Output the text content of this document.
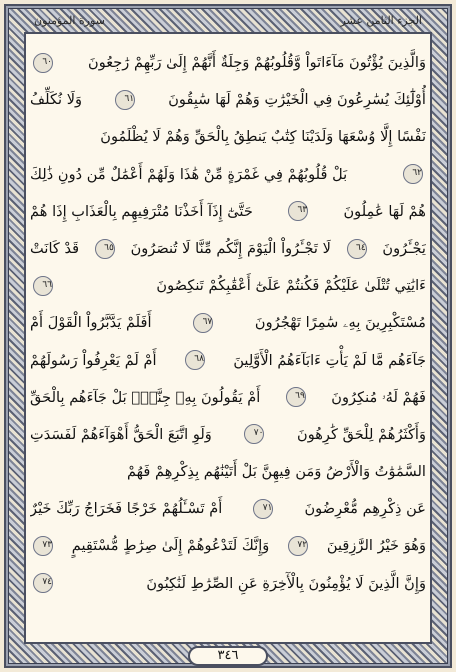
سورة المؤمنون	الجزء الثامن عشر
وَالَّذِينَ يُؤْتُونَ مَآءَاتَواْ وَّقُلُوبُهُمْ وَجِلَةٌ أَنَّهُمْ إِلَىٰ رَبِّهِمْ رَٰجِعُونَ
٦٠
أُوْلَٰٓئِكَ يُسَٰرِعُونَ فِي الْخَيْرَٰتِ وَهُمْ لَهَا سَٰبِقُونَ
٦١
وَلَا نُكَلِّفُ
نَفْسًا إِلَّا وُسْعَهَا وَلَدَيْنَا كِتَٰبٌ يَنطِقُ بِالْحَقِّ وَهُمْ لَا يُظْلَمُونَ
٦٢
بَلْ قُلُوبُهُمْ فِي غَمْرَةٍ مِّنْ هَٰذَا وَلَهُمْ أَعْمَٰلٌ مِّن دُونِ ذَٰلِكَ
هُمْ لَهَا عَٰمِلُونَ
٦٣
حَتَّىٰٓ إِذَآ أَخَذْنَا مُتْرَفِيهِم بِالْعَذَابِ إِذَا هُمْ
يَجْـَٔرُونَ
٦٤
لَا تَجْـَٔرُواْ الْيَوْمَ إِنَّكُم مِّنَّا لَا تُنصَرُونَ
٦٥
قَدْ كَانَتْ
ءَايَٰتِي تُتْلَىٰ عَلَيْكُمْ فَكُنتُمْ عَلَىٰٓ أَعْقَٰبِكُمْ تَنكِصُونَ
٦٦
مُسْتَكْبِرِينَ بِهِۦ سَٰمِرًا تَهْجُرُونَ
٦٧
أَفَلَمْ يَدَّبَّرُواْ الْقَوْلَ أَمْ
جَآءَهُم مَّا لَمْ يَأْتِ ءَابَآءَهُمُ الْأَوَّلِينَ
٦٨
أَمْ لَمْ يَعْرِفُواْ رَسُولَهُمْ
فَهُمْ لَهُۥ مُنكِرُونَ
٦٩
أَمْ يَقُولُونَ بِهِۦ جِنَّةٌۢ بَلْ جَآءَهُم بِالْحَقِّ
وَأَكْثَرُهُمْ لِلْحَقِّ كَٰرِهُونَ
٧٠
وَلَوِ اتَّبَعَ الْحَقُّ أَهْوَآءَهُمْ لَفَسَدَتِ
السَّمَٰوَٰتُ وَالْأَرْضُ وَمَن فِيهِنَّ بَلْ أَتَيْنَٰهُم بِذِكْرِهِمْ فَهُمْ
عَن ذِكْرِهِم مُّعْرِضُونَ
٧١
أَمْ تَسْـَٔلُهُمْ خَرْجًا فَخَرَاجُ رَبِّكَ خَيْرٌ
وَهُوَ خَيْرُ الرَّٰزِقِينَ
٧٢
وَإِنَّكَ لَتَدْعُوهُمْ إِلَىٰ صِرَٰطٍ مُّسْتَقِيمٍ
٧٣
وَإِنَّ الَّذِينَ لَا يُؤْمِنُونَ بِالْأٓخِرَةِ عَنِ الصِّرَٰطِ لَنَٰكِبُونَ
٧٤
٣٤٦
